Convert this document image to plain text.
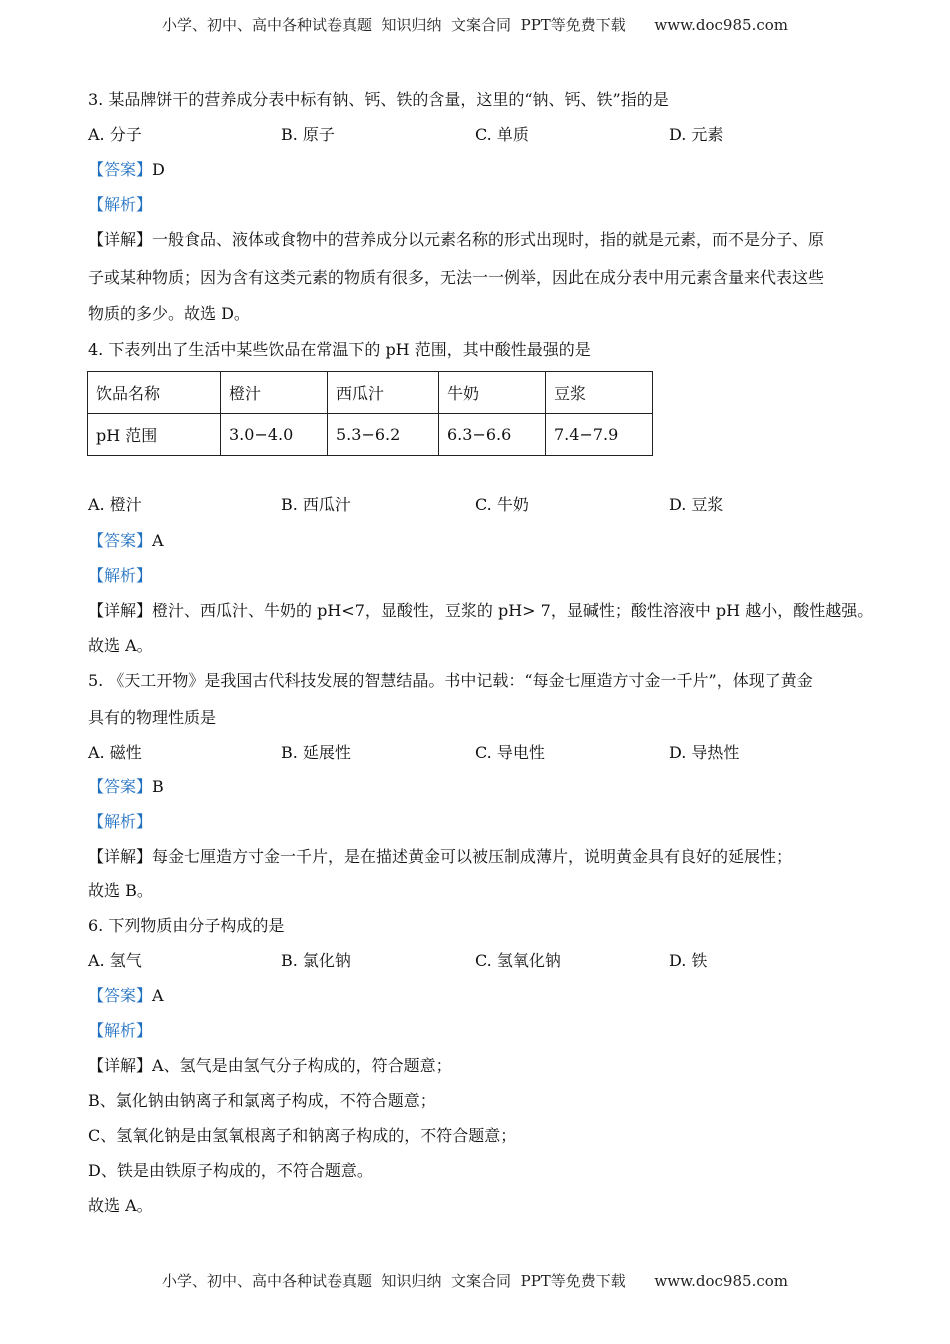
小学、初中、高中各种试卷真题  知识归纳  文案合同  PPT等免费下载      www.doc985.com
3. 某品牌饼干的营养成分表中标有钠、钙、铁的含量，这里的“钠、钙、铁”指的是
A. 分子	B. 原子	C. 单质	D. 元素
【答案】D
【解析】
【详解】一般食品、液体或食物中的营养成分以元素名称的形式出现时，指的就是元素，而不是分子、原
子或某种物质；因为含有这类元素的物质有很多，无法一一例举，因此在成分表中用元素含量来代表这些
物质的多少。故选 D。
4. 下表列出了生活中某些饮品在常温下的 pH 范围，其中酸性最强的是
饮品名称	橙汁	西瓜汁	牛奶	豆浆
pH 范围	3.0−4.0	5.3−6.2	6.3−6.6	7.4−7.9
A. 橙汁	B. 西瓜汁	C. 牛奶	D. 豆浆
【答案】A
【解析】
【详解】橙汁、西瓜汁、牛奶的 pH<7，显酸性，豆浆的 pH> 7，显碱性；酸性溶液中 pH 越小，酸性越强。
故选 A。
5. 《天工开物》是我国古代科技发展的智慧结晶。书中记载：“每金七厘造方寸金一千片”，体现了黄金
具有的物理性质是
A. 磁性	B. 延展性	C. 导电性	D. 导热性
【答案】B
【解析】
【详解】每金七厘造方寸金一千片，是在描述黄金可以被压制成薄片，说明黄金具有良好的延展性；
故选 B。
6. 下列物质由分子构成的是
A. 氢气	B. 氯化钠	C. 氢氧化钠	D. 铁
【答案】A
【解析】
【详解】A、氢气是由氢气分子构成的，符合题意；
B、氯化钠由钠离子和氯离子构成，不符合题意；
C、氢氧化钠是由氢氧根离子和钠离子构成的，不符合题意；
D、铁是由铁原子构成的，不符合题意。
故选 A。
小学、初中、高中各种试卷真题  知识归纳  文案合同  PPT等免费下载      www.doc985.com
